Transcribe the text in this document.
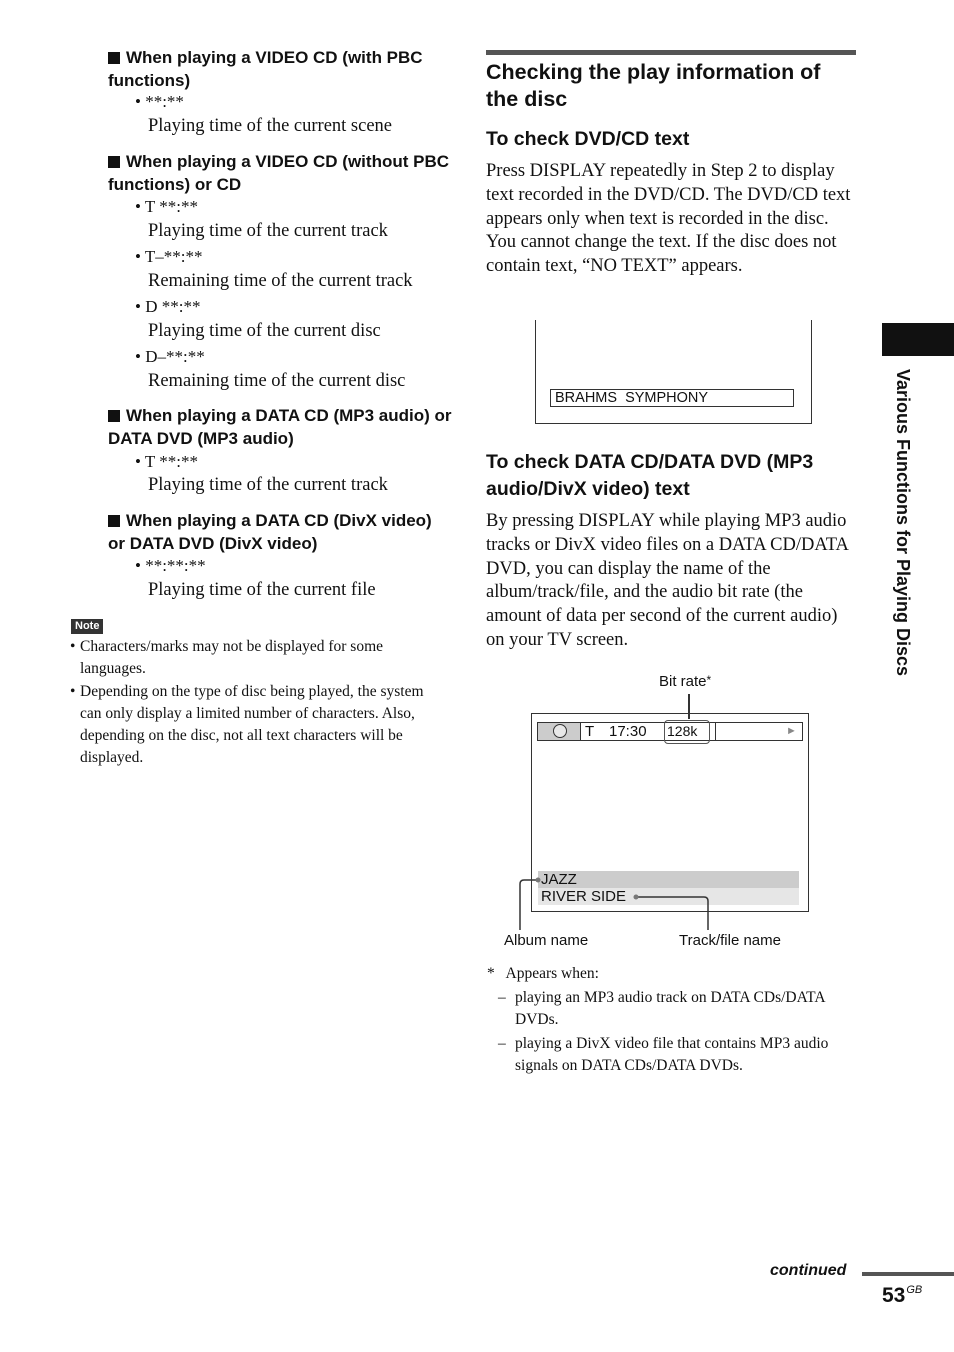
When playing a VIDEO CD (with PBC functions)
• **:**
Playing time of the current scene
When playing a VIDEO CD (without PBC functions) or CD
• T **:**
Playing time of the current track
• T–**:**
Remaining time of the current track
• D **:**
Playing time of the current disc
• D–**:**
Remaining time of the current disc
When playing a DATA CD (MP3 audio) or DATA DVD (MP3 audio)
• T **:**
Playing time of the current track
When playing a DATA CD (DivX video) or DATA DVD (DivX video)
• **:**:**
Playing time of the current file
Note
• Characters/marks may not be displayed for some languages.
• Depending on the type of disc being played, the system can only display a limited number of characters. Also, depending on the disc, not all text characters will be displayed.
Checking the play information of the disc
To check DVD/CD text
Press DISPLAY repeatedly in Step 2 to display text recorded in the DVD/CD. The DVD/CD text appears only when text is recorded in the disc. You cannot change the text. If the disc does not contain text, “NO TEXT” appears.
BRAHMS  SYMPHONY
To check DATA CD/DATA DVD (MP3 audio/DivX video) text
By pressing DISPLAY while playing MP3 audio tracks or DivX video files on a DATA CD/DATA DVD, you can display the name of the album/track/file, and the audio bit rate (the amount of data per second of the current audio) on your TV screen.
Bit rate*
T 17:30 128k	►
JAZZ
RIVER SIDE
Album name	Track/file name
*   Appears when:
– playing an MP3 audio track on DATA CDs/DATA DVDs.
– playing a DivX video file that contains MP3 audio signals on DATA CDs/DATA DVDs.
Various Functions for Playing Discs
continued
$53^{GB}$
